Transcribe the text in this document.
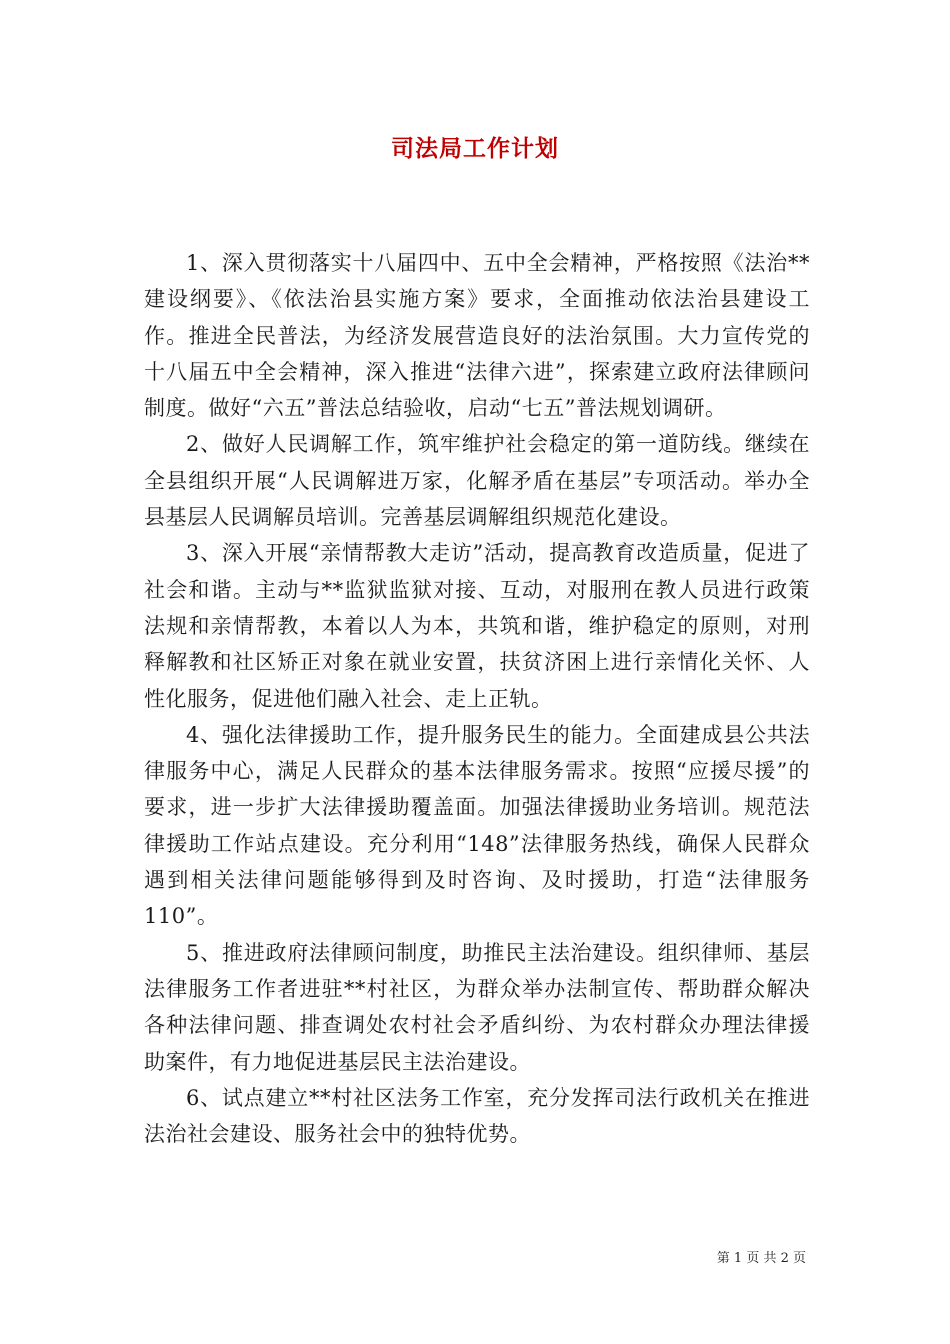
司法局工作计划

1、深入贯彻落实十八届四中、五中全会精神，严格按照《法治**建设纲要》、《依法治县实施方案》要求，全面推动依法治县建设工作。推进全民普法，为经济发展营造良好的法治氛围。大力宣传党的十八届五中全会精神，深入推进“法律六进”，探索建立政府法律顾问制度。做好“六五”普法总结验收，启动“七五”普法规划调研。

2、做好人民调解工作，筑牢维护社会稳定的第一道防线。继续在全县组织开展“人民调解进万家，化解矛盾在基层”专项活动。举办全县基层人民调解员培训。完善基层调解组织规范化建设。

3、深入开展“亲情帮教大走访”活动，提高教育改造质量，促进了社会和谐。主动与**监狱监狱对接、互动，对服刑在教人员进行政策法规和亲情帮教，本着以人为本，共筑和谐，维护稳定的原则，对刑释解教和社区矫正对象在就业安置，扶贫济困上进行亲情化关怀、人性化服务，促进他们融入社会、走上正轨。

4、强化法律援助工作，提升服务民生的能力。全面建成县公共法律服务中心，满足人民群众的基本法律服务需求。按照“应援尽援”的要求，进一步扩大法律援助覆盖面。加强法律援助业务培训。规范法律援助工作站点建设。充分利用“148”法律服务热线，确保人民群众遇到相关法律问题能够得到及时咨询、及时援助，打造“法律服务110”。

5、推进政府法律顾问制度，助推民主法治建设。组织律师、基层法律服务工作者进驻**村社区，为群众举办法制宣传、帮助群众解决各种法律问题、排查调处农村社会矛盾纠纷、为农村群众办理法律援助案件，有力地促进基层民主法治建设。

6、试点建立**村社区法务工作室，充分发挥司法行政机关在推进法治社会建设、服务社会中的独特优势。

第 1 页 共 2 页
